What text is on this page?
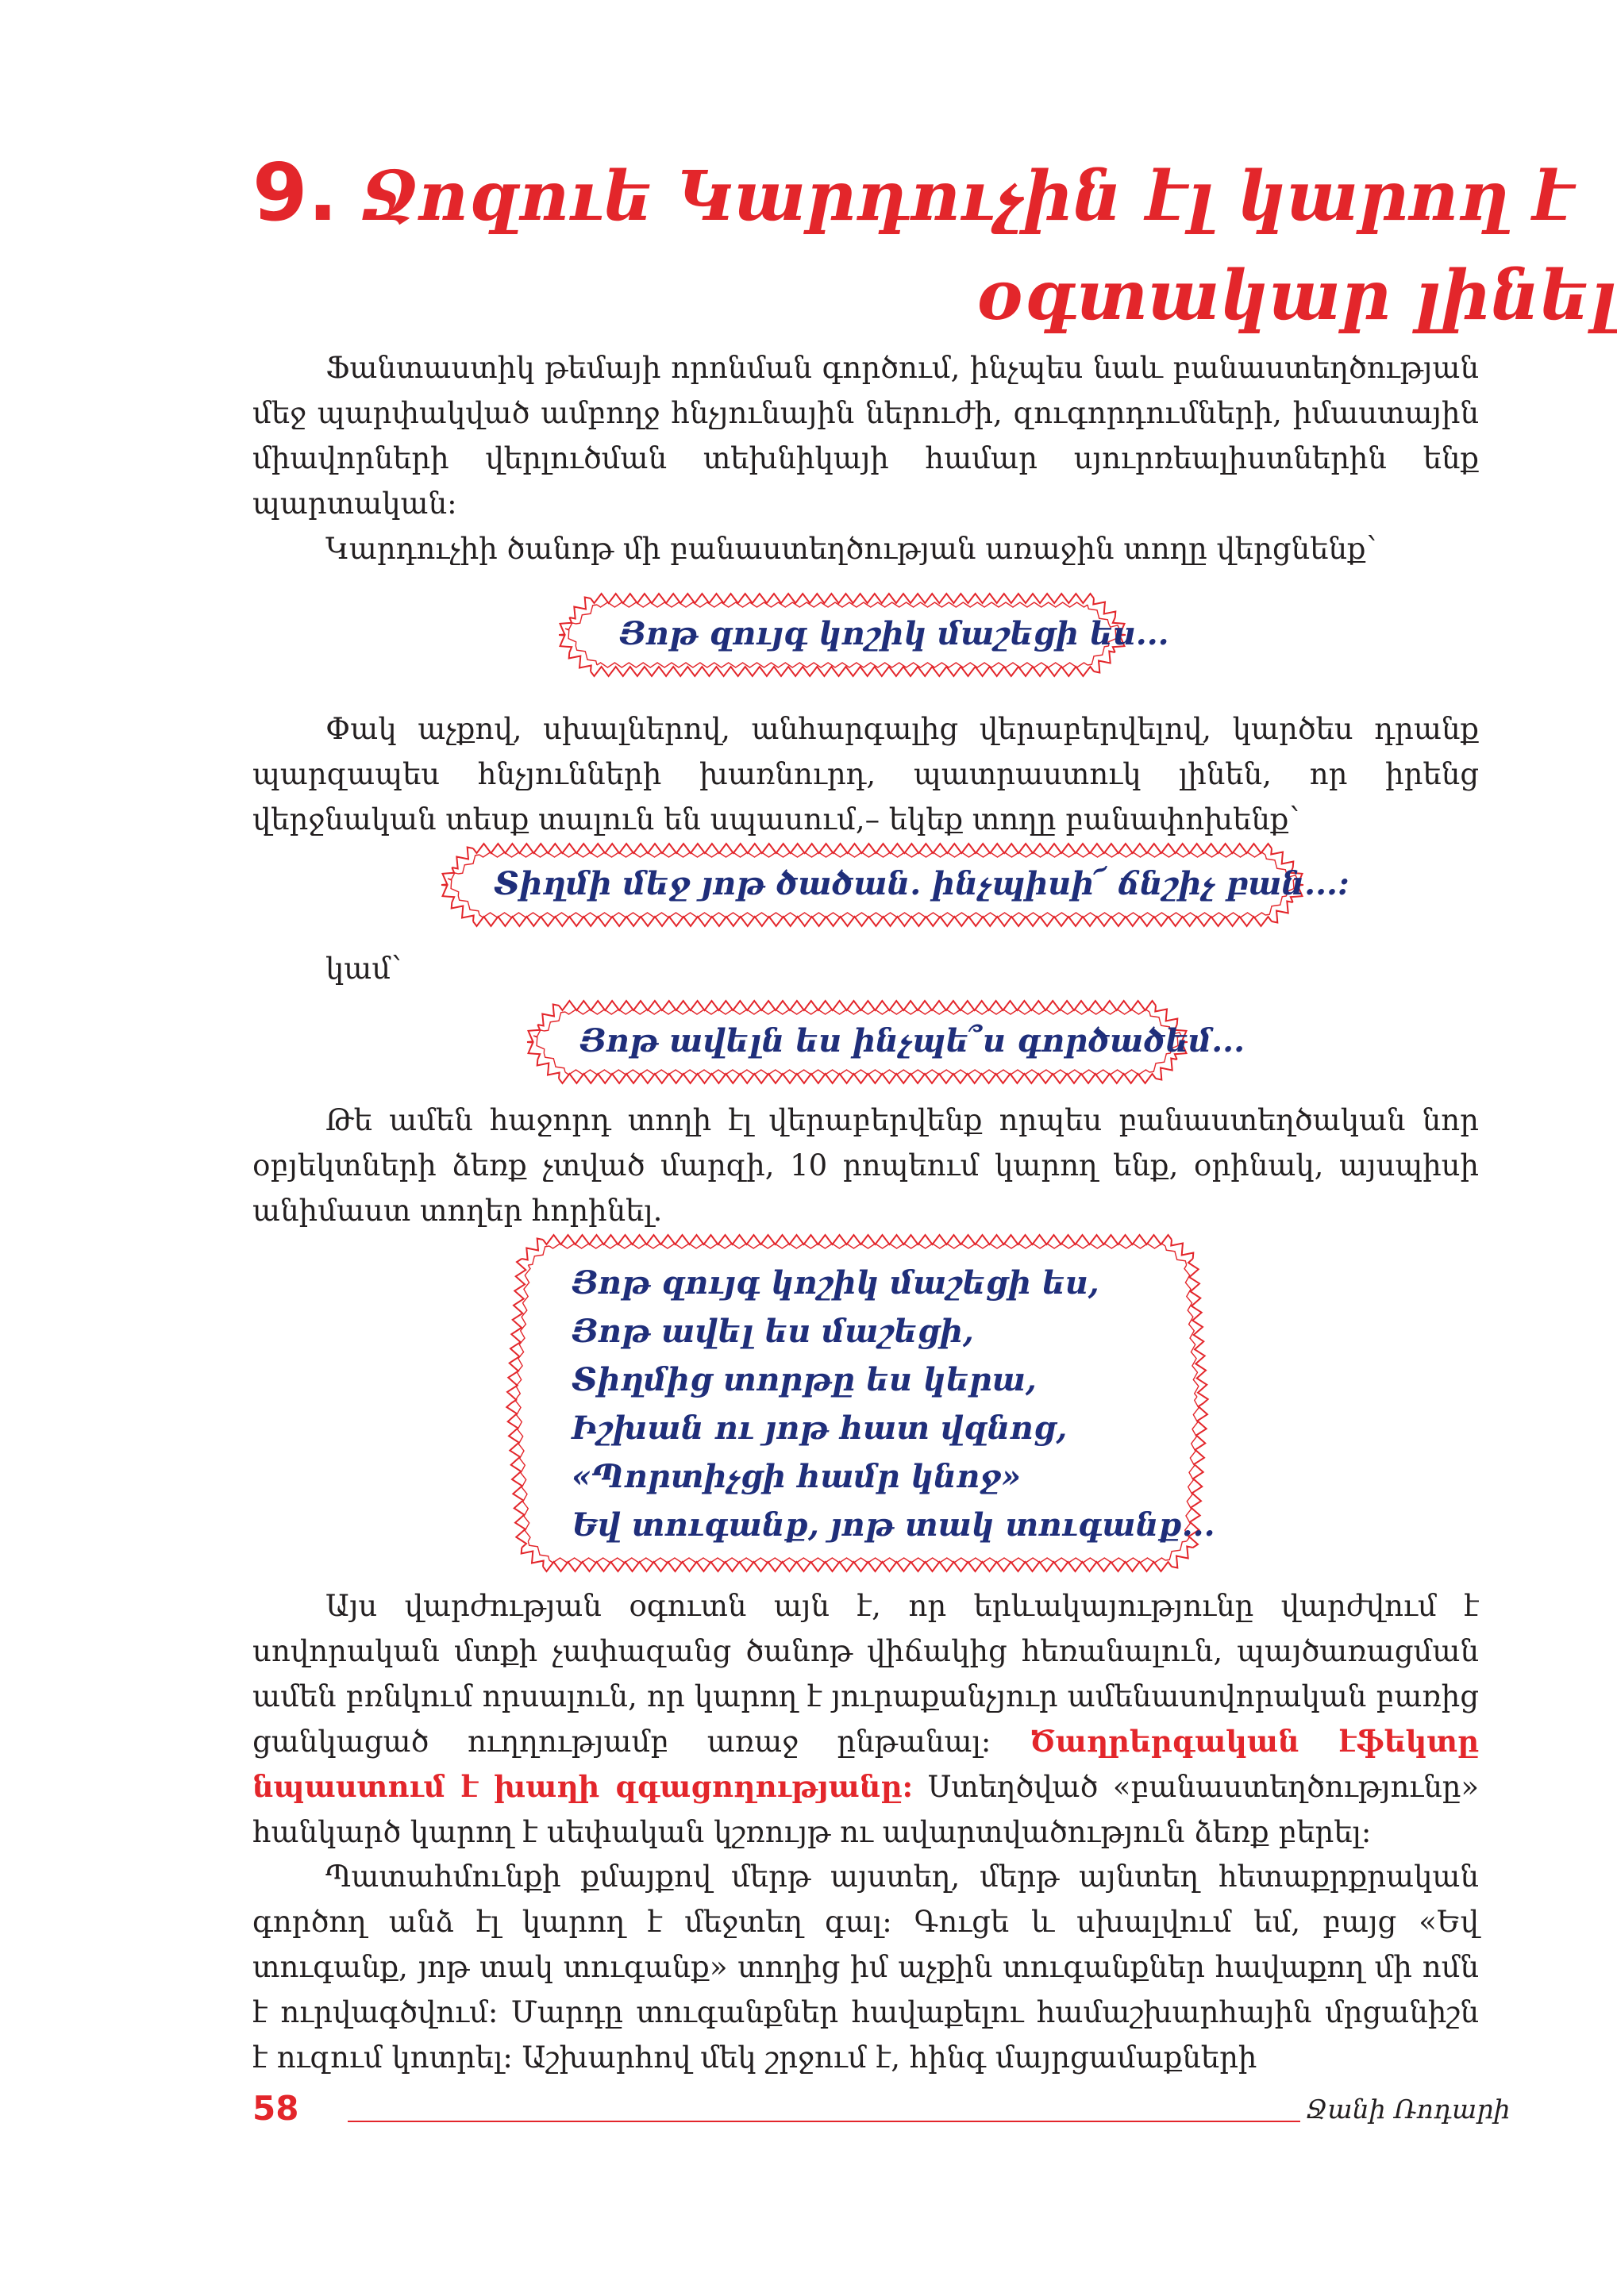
9. Ջոզուե Կարդուչին էլ կարող է
օգտակար լինել

Ֆանտաստիկ թեմայի որոնման գործում, ինչպես նաև բանաստեղծության մեջ պարփակված ամբողջ հնչյունային ներուժի, զուգորդումների, իմաստային միավորների վերլուծման տեխնիկայի համար սյուրռեալիստներին ենք պարտական:

Կարդուչիի ծանոթ մի բանաստեղծության առաջին տողը վերցնենք`

Յոթ զույգ կոշիկ մաշեցի ես...

Փակ աչքով, սխալներով, անհարգալից վերաբերվելով, կարծես դրանք պարզապես հնչյունների խառնուրդ, պատրաստուկ լինեն, որ իրենց վերջնական տեսք տալուն են սպասում,– եկեք տողը բանափոխենք`

Տիղմի մեջ յոթ ծածան. ինչպիսի՜ ճնշիչ բան...:

կամ`

Յոթ ավելն ես ինչպե՞ս գործածեմ...

Թե ամեն հաջորդ տողի էլ վերաբերվենք որպես բանաստեղծական նոր օբյեկտների ձեռք չտված մարզի, 10 րոպեում կարող ենք, օրինակ, այսպիսի անիմաստ տողեր հորինել.

Յոթ զույգ կոշիկ մաշեցի ես,
Յոթ ավել ես մաշեցի,
Տիղմից տորթը ես կերա,
Իշխան ու յոթ հատ վզնոց,
«Պորտիչցի համր կնոջ»
Եվ տուգանք, յոթ տակ տուգանք...

Այս վարժության օգուտն այն է, որ երևակայությունը վարժվում է սովորական մտքի չափազանց ծանոթ վիճակից հեռանալուն, պայծառացման ամեն բռնկում որսալուն, որ կարող է յուրաքանչյուր ամենասովորական բառից ցանկացած ուղղությամբ առաջ ընթանալ: Ծաղրերգական էֆեկտը նպաստում է խաղի զգացողությանը: Ստեղծված «բանաստեղծությունը» հանկարծ կարող է սեփական կշռույթ ու ավարտվածություն ձեռք բերել:

Պատահմունքի քմայքով մերթ այստեղ, մերթ այնտեղ հետաքրքրական գործող անձ էլ կարող է մեջտեղ գալ: Գուցե և սխալվում եմ, բայց «Եվ տուգանք, յոթ տակ տուգանք» տողից իմ աչքին տուգանքներ հավաքող մի ոմն է ուրվագծվում: Մարդը տուգանքներ հավաքելու համաշխարհային մրցանիշն է ուզում կոտրել: Աշխարհով մեկ շրջում է, հինգ մայրցամաքների

58	Ջանի Ռոդարի
